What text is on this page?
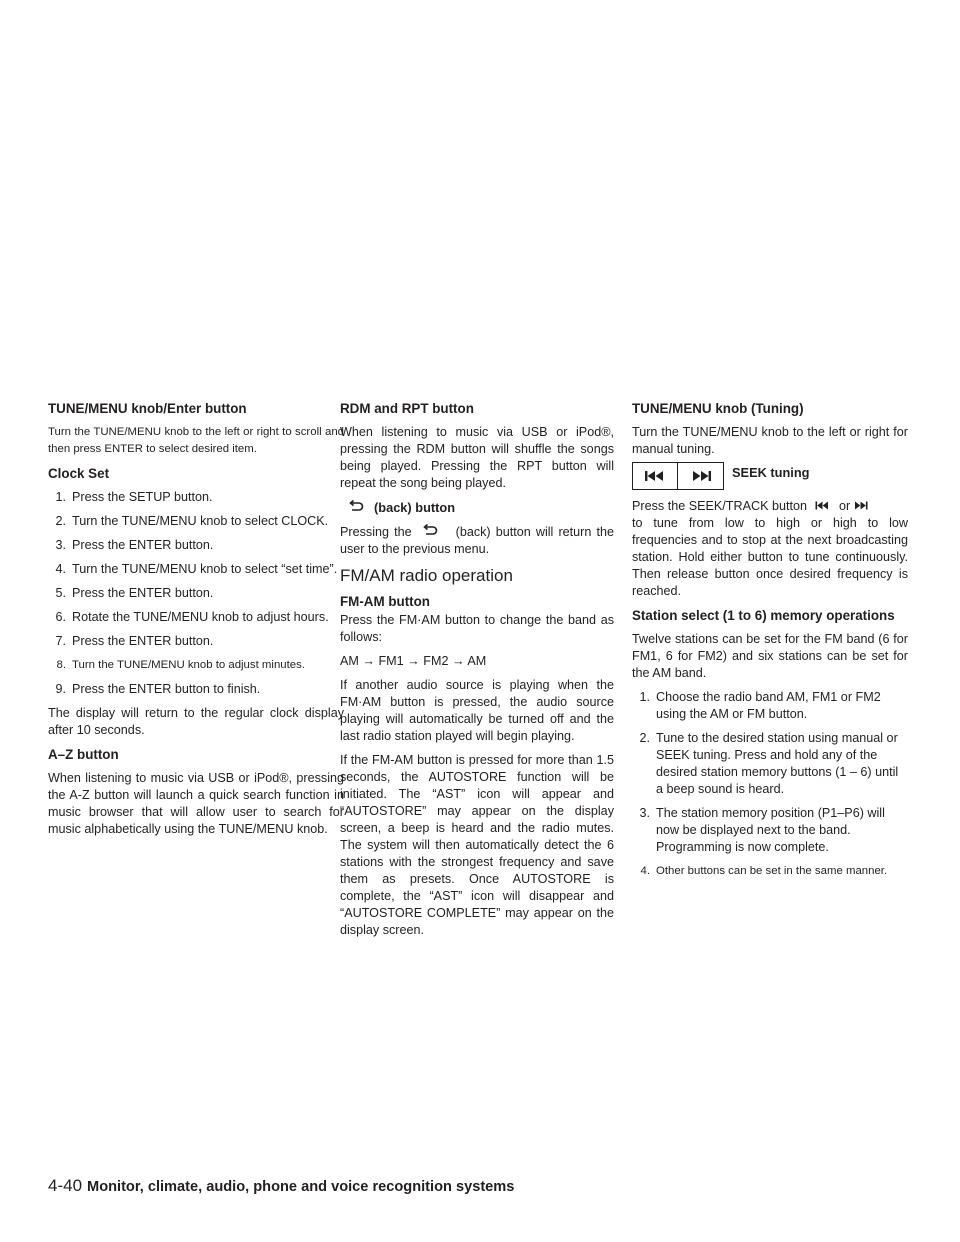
TUNE/MENU knob/Enter button
Turn the TUNE/MENU knob to the left or right to scroll and then press ENTER to select desired item.
Clock Set
1. Press the SETUP button.
2. Turn the TUNE/MENU knob to select CLOCK.
3. Press the ENTER button.
4. Turn the TUNE/MENU knob to select “set time”.
5. Press the ENTER button.
6. Rotate the TUNE/MENU knob to adjust hours.
7. Press the ENTER button.
8. Turn the TUNE/MENU knob to adjust minutes.
9. Press the ENTER button to finish.
The display will return to the regular clock display after 10 seconds.
A–Z button
When listening to music via USB or iPod®, pressing the A-Z button will launch a quick search function in music browser that will allow user to search for music alphabetically using the TUNE/MENU knob.
RDM and RPT button
When listening to music via USB or iPod®, pressing the RDM button will shuffle the songs being played. Pressing the RPT button will repeat the song being played.
(back) button
Pressing the	(back) button will return the user to the previous menu.
FM/AM radio operation
FM-AM button
Press the FM·AM button to change the band as follows:
AM → FM1 → FM2 → AM
If another audio source is playing when the FM·AM button is pressed, the audio source playing will automatically be turned off and the last radio station played will begin playing.
If the FM-AM button is pressed for more than 1.5 seconds, the AUTOSTORE function will be initiated. The “AST” icon will appear and “AUTOSTORE” may appear on the display screen, a beep is heard and the radio mutes. The system will then automatically detect the 6 stations with the strongest frequency and save them as presets. Once AUTOSTORE is complete, the “AST” icon will disappear and “AUTOSTORE COMPLETE” may appear on the display screen.
TUNE/MENU knob (Tuning)
Turn the TUNE/MENU knob to the left or right for manual tuning.
SEEK tuning
Press the SEEK/TRACK button	or
to tune from low to high or high to low frequencies and to stop at the next broadcasting station. Hold either button to tune continuously. Then release button once desired frequency is reached.
Station select (1 to 6) memory operations
Twelve stations can be set for the FM band (6 for FM1, 6 for FM2) and six stations can be set for the AM band.
1. Choose the radio band AM, FM1 or FM2 using the AM or FM button.
2. Tune to the desired station using manual or SEEK tuning. Press and hold any of the desired station memory buttons (1 – 6) until a beep sound is heard.
3. The station memory position (P1–P6) will now be displayed next to the band. Programming is now complete.
4. Other buttons can be set in the same manner.
4-40 Monitor, climate, audio, phone and voice recognition systems
